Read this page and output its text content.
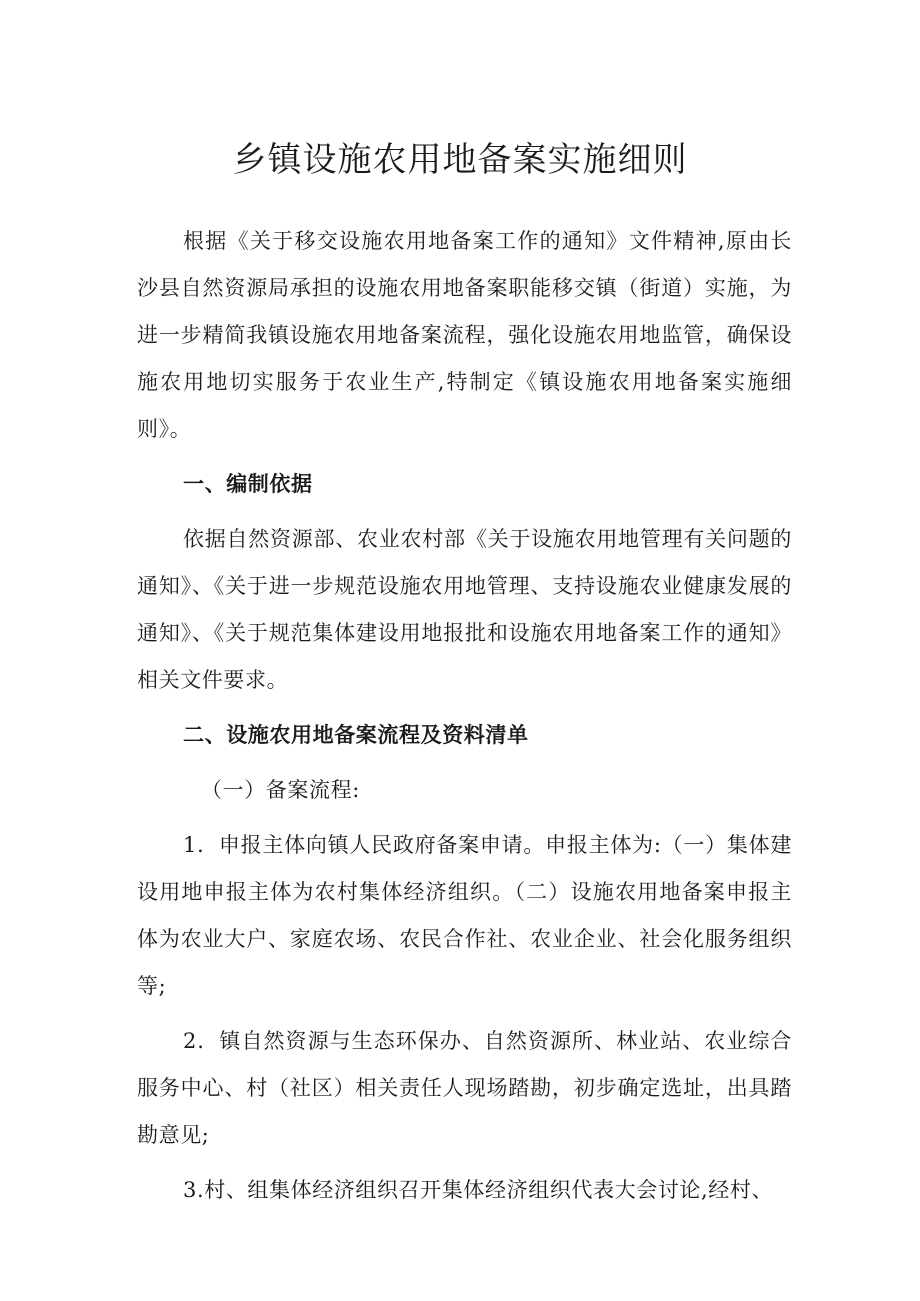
乡镇设施农用地备案实施细则

根据《关于移交设施农用地备案工作的通知》文件精神,原由长沙县自然资源局承担的设施农用地备案职能移交镇（街道）实施，为进一步精简我镇设施农用地备案流程，强化设施农用地监管，确保设施农用地切实服务于农业生产,特制定《镇设施农用地备案实施细则》。

一、编制依据

依据自然资源部、农业农村部《关于设施农用地管理有关问题的通知》、《关于进一步规范设施农用地管理、支持设施农业健康发展的通知》、《关于规范集体建设用地报批和设施农用地备案工作的通知》相关文件要求。

二、设施农用地备案流程及资料清单

（一）备案流程:

1．申报主体向镇人民政府备案申请。申报主体为:（一）集体建设用地申报主体为农村集体经济组织。（二）设施农用地备案申报主体为农业大户、家庭农场、农民合作社、农业企业、社会化服务组织等;

2．镇自然资源与生态环保办、自然资源所、林业站、农业综合服务中心、村（社区）相关责任人现场踏勘，初步确定选址，出具踏勘意见;

3.村、组集体经济组织召开集体经济组织代表大会讨论,经村、
